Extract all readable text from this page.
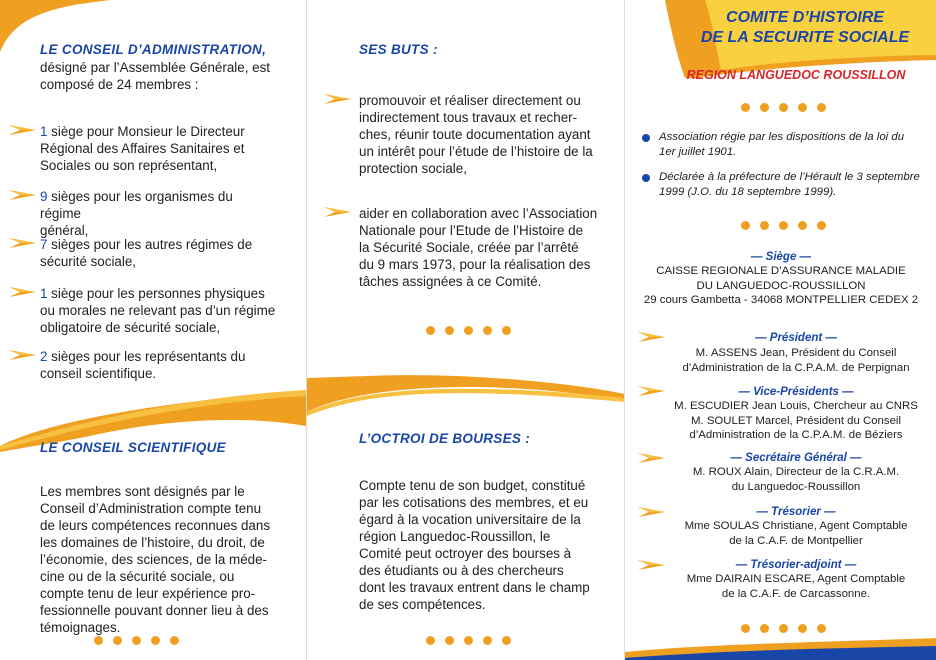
LE CONSEIL D’ADMINISTRATION,
désigné par l’Assemblée Générale, est
composé de 24 membres :
1 siège pour Monsieur le Directeur
Régional des Affaires Sanitaires et
Sociales ou son représentant,
9 sièges pour les organismes du régime
général,
7 sièges pour les autres régimes de
sécurité sociale,
1 siège pour les personnes physiques
ou morales ne relevant pas d’un régime
obligatoire de sécurité sociale,
2 sièges pour les représentants du
conseil scientifique.
LE CONSEIL SCIENTIFIQUE
Les membres sont désignés par le
Conseil d’Administration compte tenu
de leurs compétences reconnues dans
les domaines de l’histoire, du droit, de
l’économie, des sciences, de la méde-
cine ou de la sécurité sociale, ou
compte tenu de leur expérience pro-
fessionnelle pouvant donner lieu à des
témoignages.
SES BUTS :
promouvoir et réaliser directement ou
indirectement tous travaux et recher-
ches, réunir toute documentation ayant
un intérêt pour l’étude de l’histoire de la
protection sociale,
aider en collaboration avec l’Association
Nationale pour l’Etude de l’Histoire de
la Sécurité Sociale, créée par l’arrêté
du 9 mars 1973, pour la réalisation des
tâches assignées à ce Comité.
L’OCTROI DE BOURSES :
Compte tenu de son budget, constitué
par les cotisations des membres, et eu
égard à la vocation universitaire de la
région Languedoc-Roussillon, le
Comité peut octroyer des bourses à
des étudiants ou à des chercheurs
dont les travaux entrent dans le champ
de ses compétences.
COMITE D’HISTOIRE
DE LA SECURITE SOCIALE
REGION LANGUEDOC ROUSSILLON
Association régie par les dispositions de la loi du
1er juillet 1901.
Déclarée à la préfecture de l’Hérault le 3 septembre
1999 (J.O. du 18 septembre 1999).
— Siège —
CAISSE REGIONALE D’ASSURANCE MALADIE
DU LANGUEDOC-ROUSSILLON
29 cours Gambetta - 34068 MONTPELLIER CEDEX 2
— Président —
M. ASSENS Jean, Président du Conseil
d’Administration de la C.P.A.M. de Perpignan
— Vice-Présidents —
M. ESCUDIER Jean Louis, Chercheur au CNRS
M. SOULET Marcel, Président du Conseil
d’Administration de la C.P.A.M. de Béziers
— Secrétaire Général —
M. ROUX Alain, Directeur de la C.R.A.M.
du Languedoc-Roussillon
— Trésorier —
Mme SOULAS Christiane, Agent Comptable
de la C.A.F. de Montpellier
— Trésorier-adjoint —
Mme DAIRAIN ESCARE, Agent Comptable
de la C.A.F. de Carcassonne.
